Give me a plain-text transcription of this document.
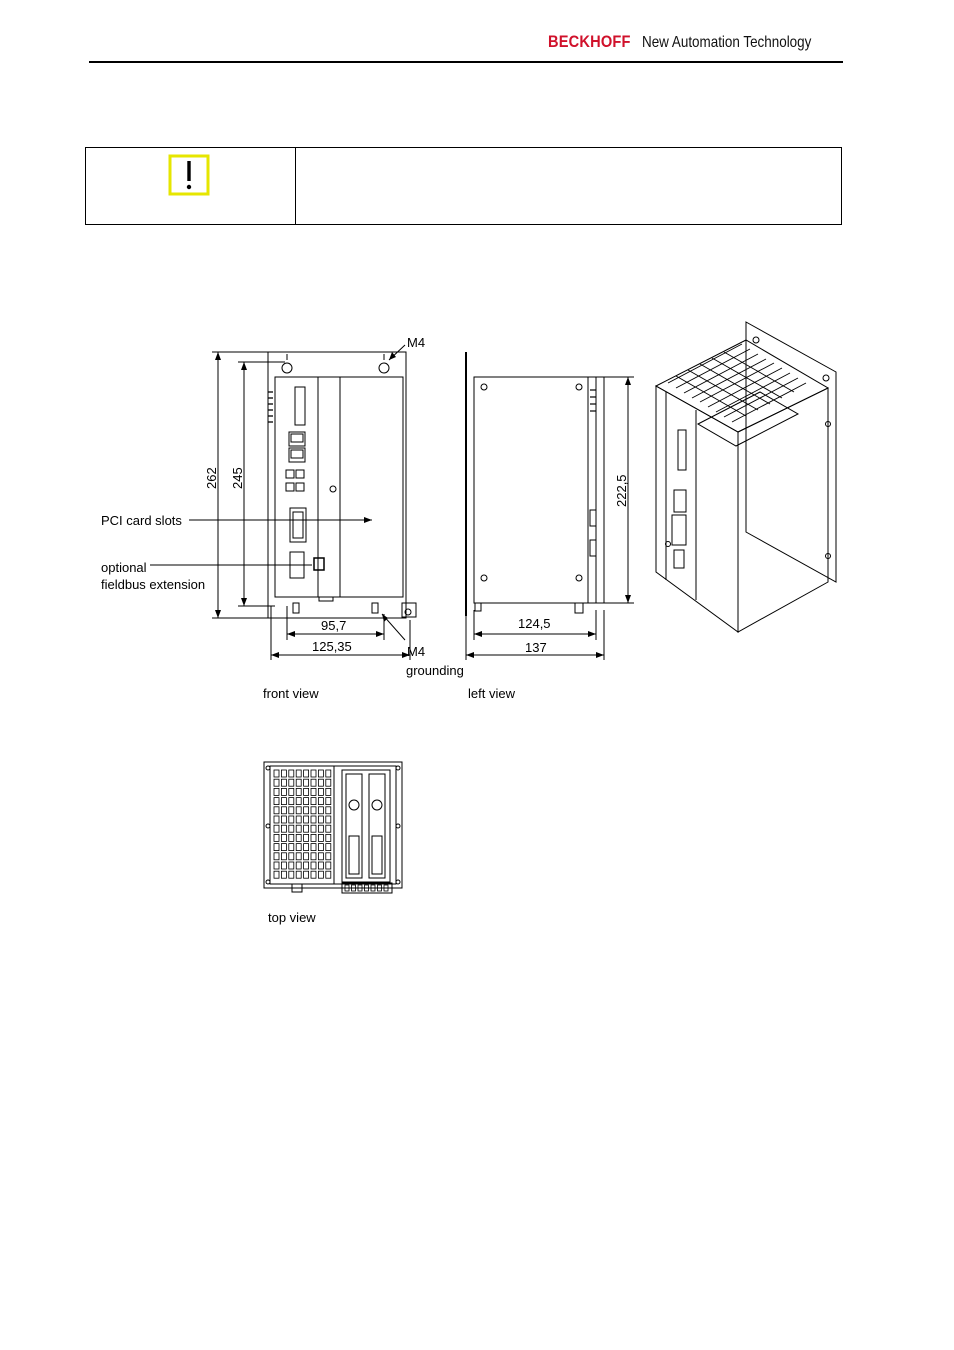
BECKHOFF New Automation Technology
M4
M4
grounding
PCI card slots
optional
fieldbus extension
262 245
95,7
125,35
222,5
124,5
137
front view	left view
top view
